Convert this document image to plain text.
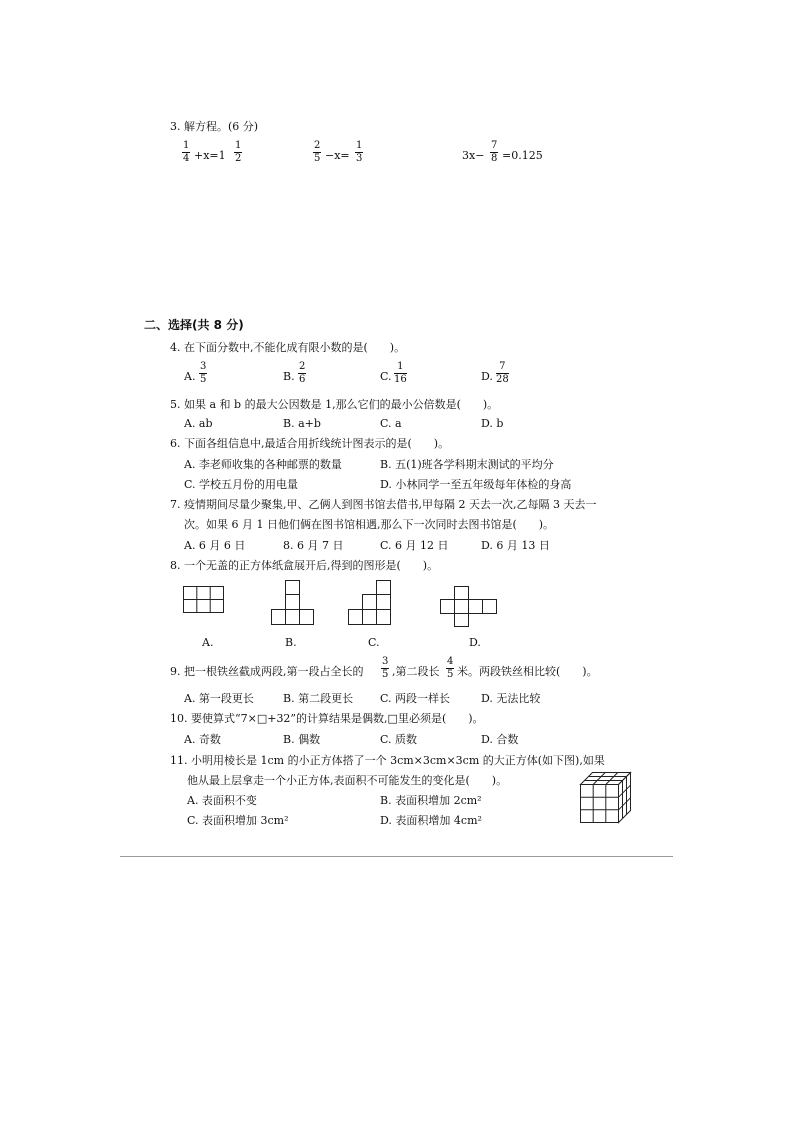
3. 解方程。(6 分)
$\frac{1}{4} +x=1 \frac{1}{2}$	$\frac{2}{5} -x= \frac{1}{3}$	$3x- \frac{7}{8} =0.125$
二、选择(共 8 分)
4. 在下面分数中,不能化成有限小数的是(　　)。
A. $\frac{3}{5}$	B. $\frac{2}{6}$	C. $\frac{1}{16}$	D. $\frac{7}{28}$
5. 如果 a 和 b 的最大公因数是 1,那么它们的最小公倍数是(　　)。
A. ab	B. a+b	C. a	D. b
6. 下面各组信息中,最适合用折线统计图表示的是(　　)。
A. 李老师收集的各种邮票的数量	B. 五(1)班各学科期末测试的平均分
C. 学校五月份的用电量	D. 小林同学一至五年级每年体检的身高
7. 疫情期间尽量少聚集,甲、乙俩人到图书馆去借书,甲每隔 2 天去一次,乙每隔 3 天去一
次。如果 6 月 1 日他们俩在图书馆相遇,那么下一次同时去图书馆是(　　)。
A. 6 月 6 日	8. 6 月 7 日	C. 6 月 12 日	D. 6 月 13 日
8. 一个无盖的正方体纸盒展开后,得到的图形是(　　)。
A.	B.	C.	D.
9. 把一根铁丝截成两段,第一段占全长的 $\frac{3}{5}$ ,第二段长 $\frac{4}{5}$ 米。两段铁丝相比较(　　)。
A. 第一段更长	B. 第二段更长 C. 两段一样长	D. 无法比较
10. 要使算式“7×□+32”的计算结果是偶数,□里必须是(　　)。
A. 奇数	B. 偶数	C. 质数	D. 合数
11. 小明用棱长是 1cm 的小正方体搭了一个 3cm×3cm×3cm 的大正方体(如下图),如果
他从最上层拿走一个小正方体,表面积不可能发生的变化是(　　)。
A. 表面积不变	B. 表面积增加 2cm²
C. 表面积增加 3cm²	D. 表面积增加 4cm²
